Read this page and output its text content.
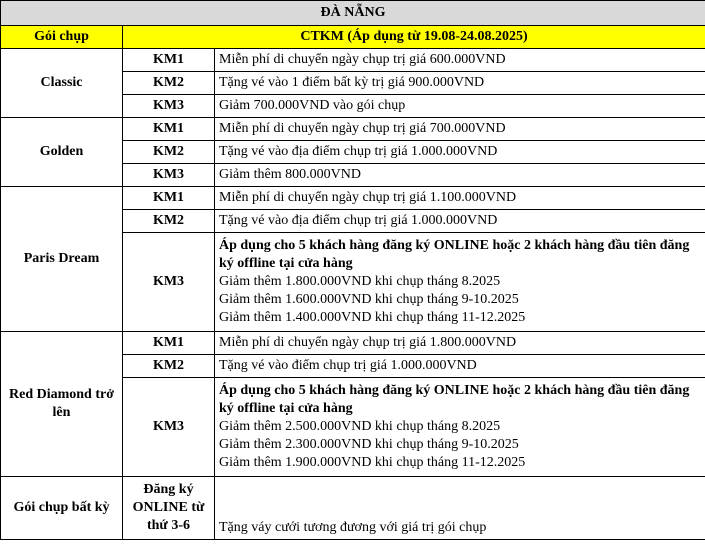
ĐÀ NẴNG		
Gói chụp	CTKM (Áp dụng từ 19.08-24.08.2025)	
Classic	KM1	Miễn phí di chuyển ngày chụp trị giá 600.000VND
	KM2	Tặng vé vào 1 điểm bất kỳ trị giá 900.000VND
	KM3	Giảm 700.000VND vào gói chụp
Golden	KM1	Miễn phí di chuyển ngày chụp trị giá 700.000VND
	KM2	Tặng vé vào địa điểm chụp trị giá 1.000.000VND
	KM3	Giảm thêm 800.000VND
Paris Dream	KM1	Miễn phí di chuyển ngày chụp trị giá 1.100.000VND
	KM2	Tặng vé vào địa điểm chụp trị giá 1.000.000VND
	KM3	Áp dụng cho 5 khách hàng đăng ký ONLINE hoặc 2 khách hàng đầu tiên đăng ký offline tại cửa hàng
Giảm thêm 1.800.000VND khi chụp tháng 8.2025
Giảm thêm 1.600.000VND khi chụp tháng 9-10.2025
Giảm thêm 1.400.000VND khi chụp tháng 11-12.2025

Red Diamond trở lên	KM1	Miễn phí di chuyển ngày chụp trị giá 1.800.000VND
	KM2	Tặng vé vào điểm chụp trị giá 1.000.000VND
	KM3	Áp dụng cho 5 khách hàng đăng ký ONLINE hoặc 2 khách hàng đầu tiên đăng ký offline tại cửa hàng
Giảm thêm 2.500.000VND khi chụp tháng 8.2025
Giảm thêm 2.300.000VND khi chụp tháng 9-10.2025
Giảm thêm 1.900.000VND khi chụp tháng 11-12.2025

Gói chụp bất kỳ	Đăng ký ONLINE từ thứ 3-6	Tặng váy cưới tương đương với giá trị gói chụp
